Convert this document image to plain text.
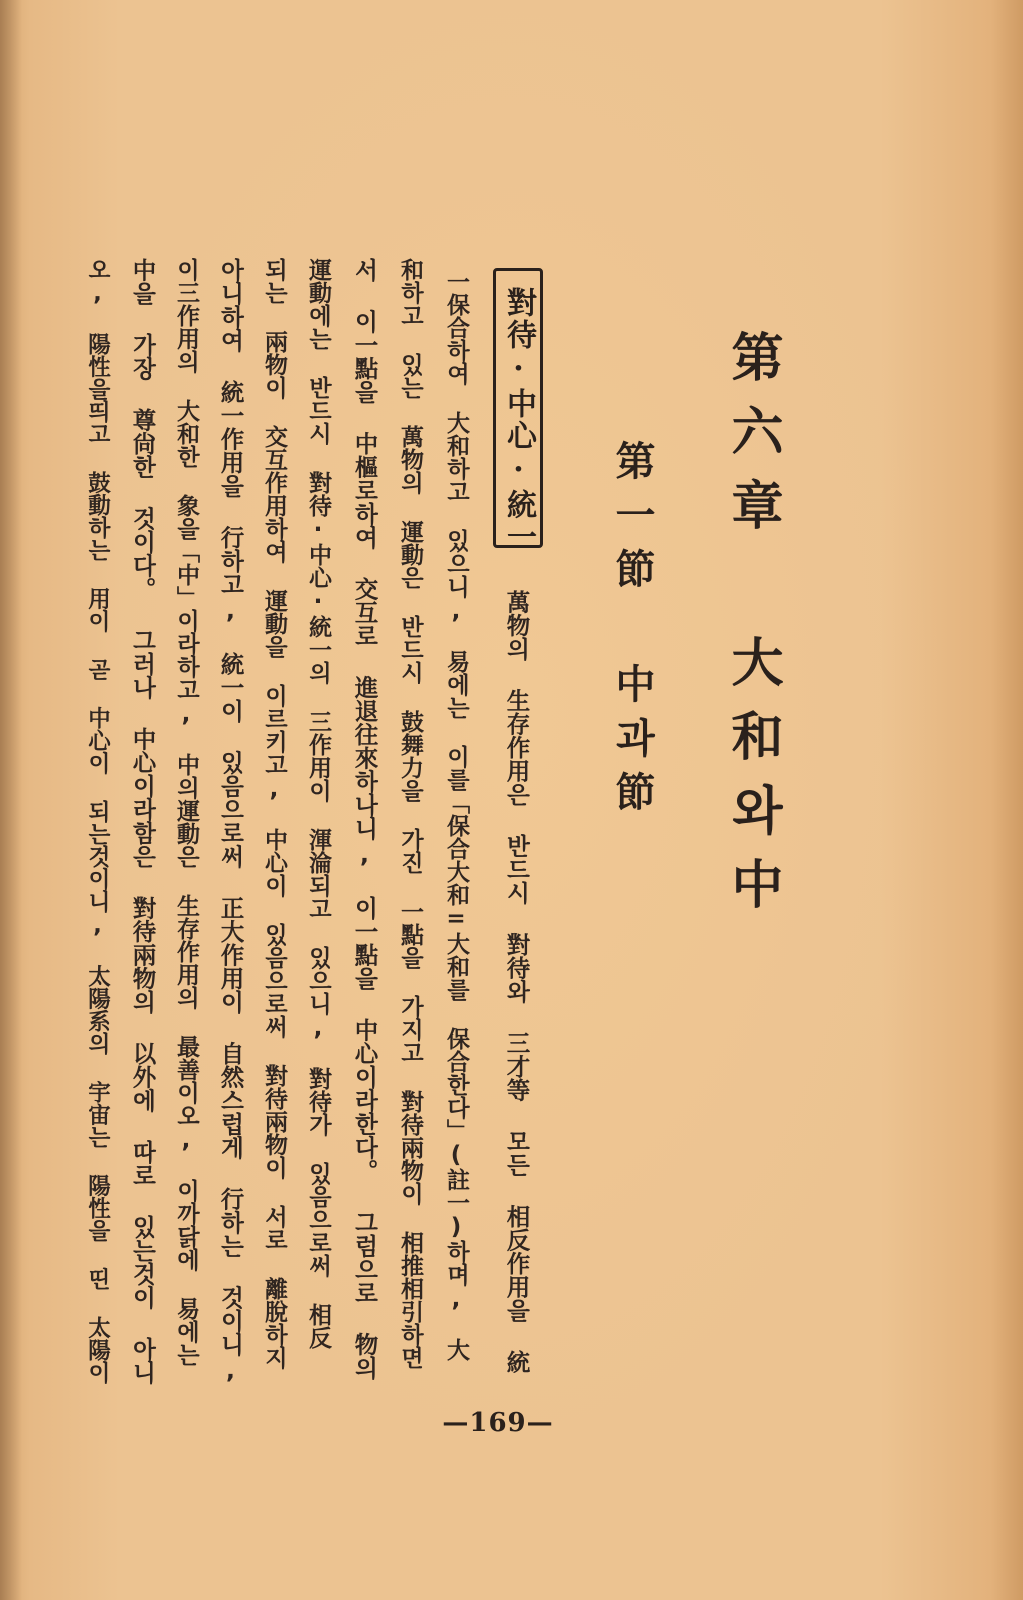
第六章 大和와中
第一節 中과節
對待·中心·統一
萬物의 生存作用은 반드시 對待와 三才等 모든 相反作用을 統
一保合하여 大和하고 있으니, 易에는 이를「保合大和=大和를 保合한다」(註一)하며, 大
和하고 있는 萬物의 運動은 반드시 鼓舞力을 가진 一點을 가지고 對待兩物이 相推相引하면
서 이一點을 中樞로하여 交互로 進退往來하나니, 이一點을 中心이라한다。 그럼으로 物의
運動에는 반드시 對待·中心·統一의 三作用이 渾淪되고 있으니, 對待가 있음으로써 相反
되는 兩物이 交互作用하여 運動을 이르키고, 中心이 있음으로써 對待兩物이 서로 離脫하지
아니하여 統一作用을 行하고, 統一이 있음으로써 正大作用이 自然스럽게 行하는 것이니,
이三作用의 大和한 象을「中」이라하고, 中의運動은 生存作用의 最善이오, 이까닭에 易에는
中을 가장 尊尙한 것이다。 그러나 中心이라함은 對待兩物의 以外에 따로 있는것이 아니
오, 陽性을띄고 鼓動하는 用이 곧 中心이 되는것이니, 太陽系의 宇宙는 陽性을 띤 太陽이
—169—
